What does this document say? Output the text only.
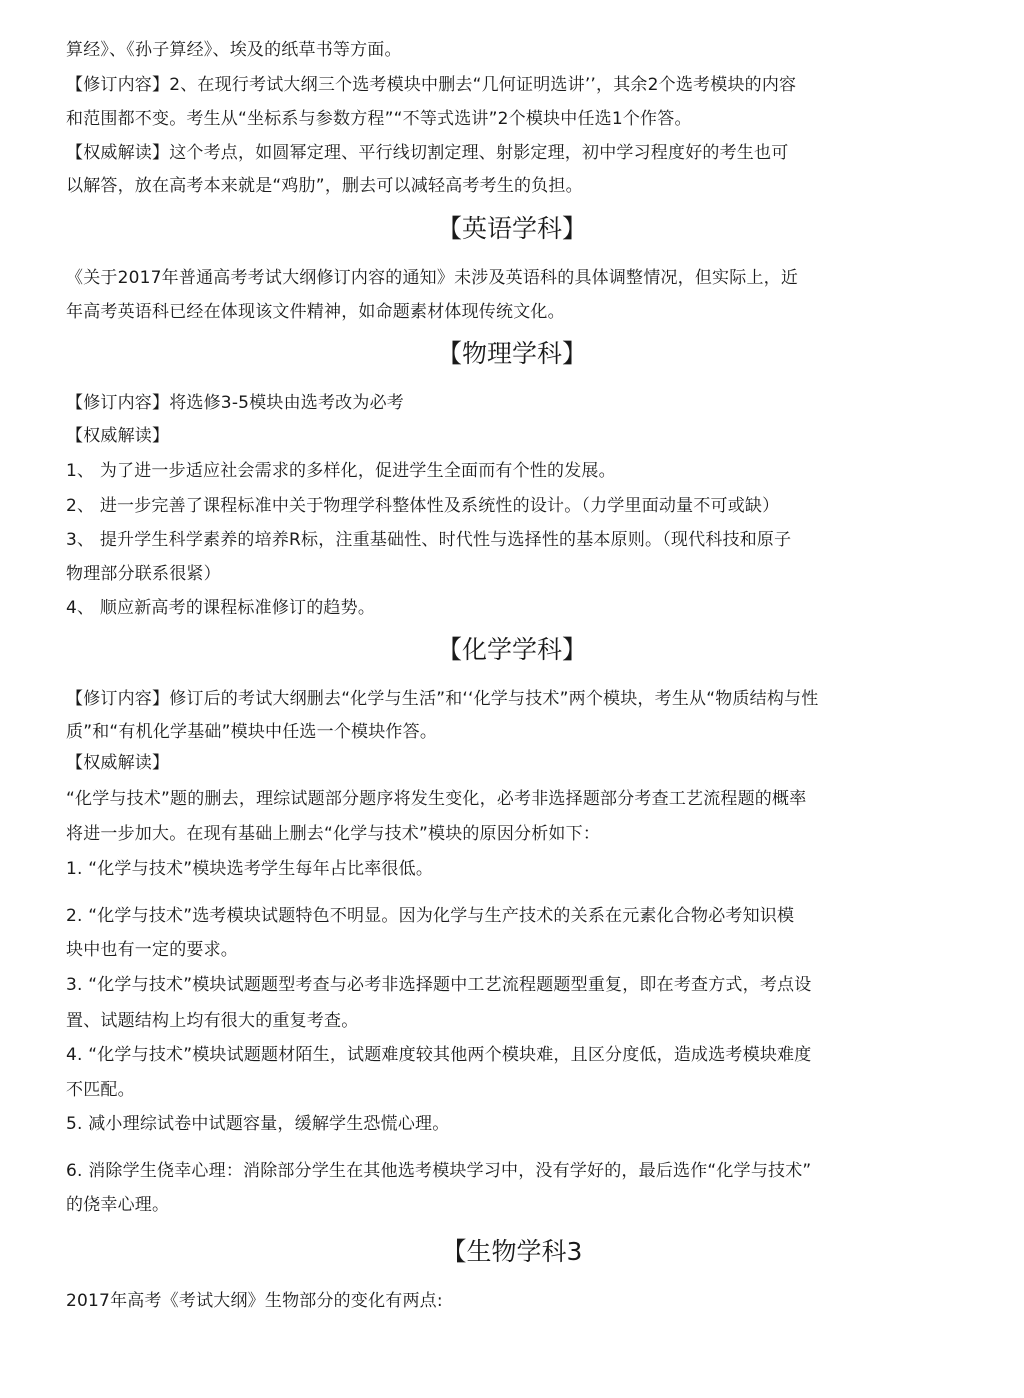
算经》、《孙子算经》、埃及的纸草书等方面。
【修订内容】2、在现行考试大纲三个选考模块中删去“几何证明选讲’’，其余2个选考模块的内容
和范围都不变。考生从“坐标系与参数方程”“不等式选讲”2个模块中任选1个作答。
【权威解读】这个考点，如圆幂定理、平行线切割定理、射影定理，初中学习程度好的考生也可
以解答，放在高考本来就是“鸡肋”，删去可以减轻高考考生的负担。
【英语学科】
《关于2017年普通高考考试大纲修订内容的通知》未涉及英语科的具体调整情况，但实际上，近
年高考英语科已经在体现该文件精神，如命题素材体现传统文化。
【物理学科】
【修订内容】将选修3-5模块由选考改为必考
【权威解读】
1、 为了进一步适应社会需求的多样化，促进学生全面而有个性的发展。
2、 进一步完善了课程标准中关于物理学科整体性及系统性的设计。（力学里面动量不可或缺）
3、 提升学生科学素养的培养R标，注重基础性、时代性与选择性的基本原则。（现代科技和原子
物理部分联系很紧）
4、 顺应新高考的课程标准修订的趋势。
【化学学科】
【修订内容】修订后的考试大纲删去“化学与生活”和‘‘化学与技术”两个模块，考生从“物质结构与性
质”和“有机化学基础”模块中任选一个模块作答。
【权威解读】
“化学与技术”题的删去，理综试题部分题序将发生变化，必考非选择题部分考查工艺流程题的概率
将进一步加大。在现有基础上删去“化学与技术”模块的原因分析如下：
1. “化学与技术”模块选考学生每年占比率很低。
2. “化学与技术”选考模块试题特色不明显。因为化学与生产技术的关系在元素化合物必考知识模
块中也有一定的要求。
3. “化学与技术”模块试题题型考查与必考非选择题中工艺流程题题型重复，即在考查方式，考点设
置、试题结构上均有很大的重复考查。
4. “化学与技术”模块试题题材陌生，试题难度较其他两个模块难，且区分度低，造成选考模块难度
不匹配。
5. 减小理综试卷中试题容量，缓解学生恐慌心理。
6. 消除学生侥幸心理：消除部分学生在其他选考模块学习中，没有学好的，最后选作“化学与技术”
的侥幸心理。
【生物学科3
2017年高考《考试大纲》生物部分的变化有两点:
